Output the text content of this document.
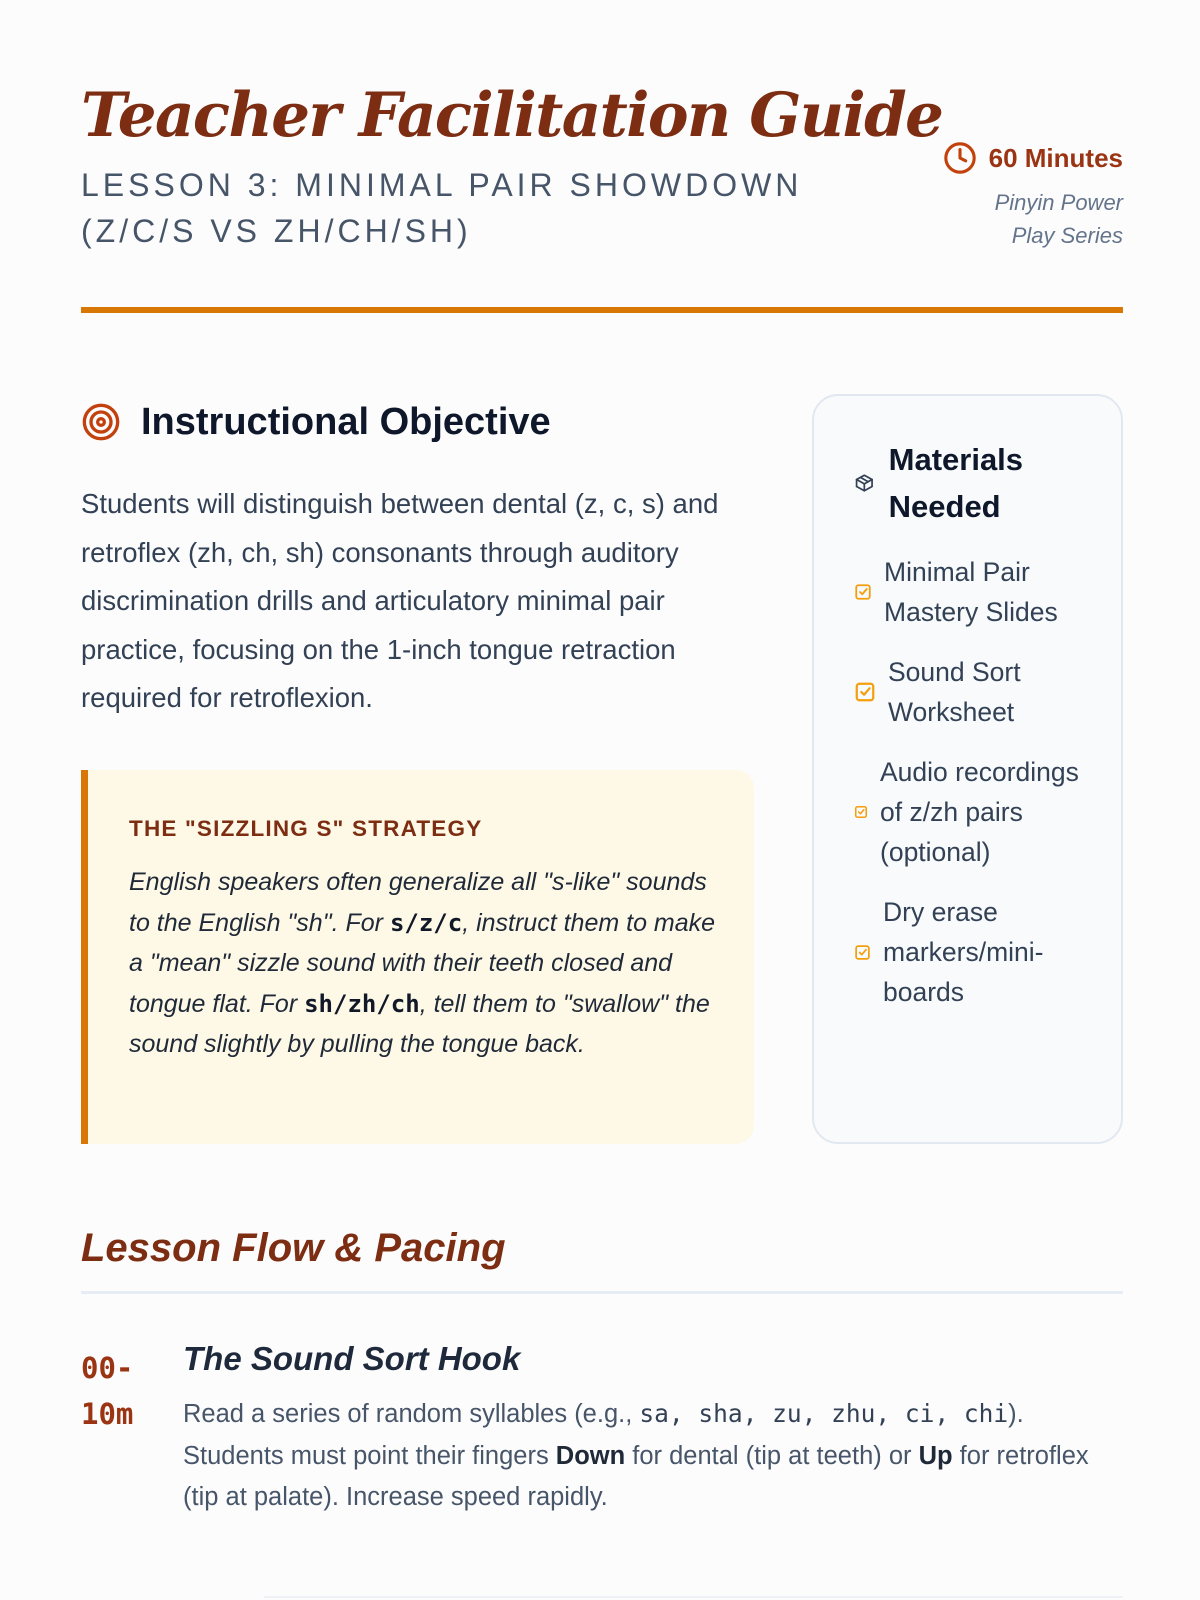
Teacher Facilitation Guide
LESSON 3: MINIMAL PAIR SHOWDOWN (Z/C/S VS ZH/CH/SH)
60 Minutes
Pinyin Power Play Series
Instructional Objective

Students will distinguish between dental (z, c, s) and retroflex (zh, ch, sh) consonants through auditory discrimination drills and articulatory minimal pair practice, focusing on the 1-inch tongue retraction required for retroflexion.

THE "SIZZLING S" STRATEGY

English speakers often generalize all "s-like" sounds to the English "sh". For s/z/c, instruct them to make a "mean" sizzle sound with their teeth closed and tongue flat. For sh/zh/ch, tell them to "swallow" the sound slightly by pulling the tongue back.

Materials Needed
Minimal Pair Mastery Slides
Sound Sort Worksheet
Audio recordings of z/zh pairs (optional)
Dry erase markers/mini-boards
Lesson Flow & Pacing
00-10m
The Sound Sort Hook

Read a series of random syllables (e.g., sa, sha, zu, zhu, ci, chi). Students must point their fingers Down for dental (tip at teeth) or Up for retroflex (tip at palate). Increase speed rapidly.
